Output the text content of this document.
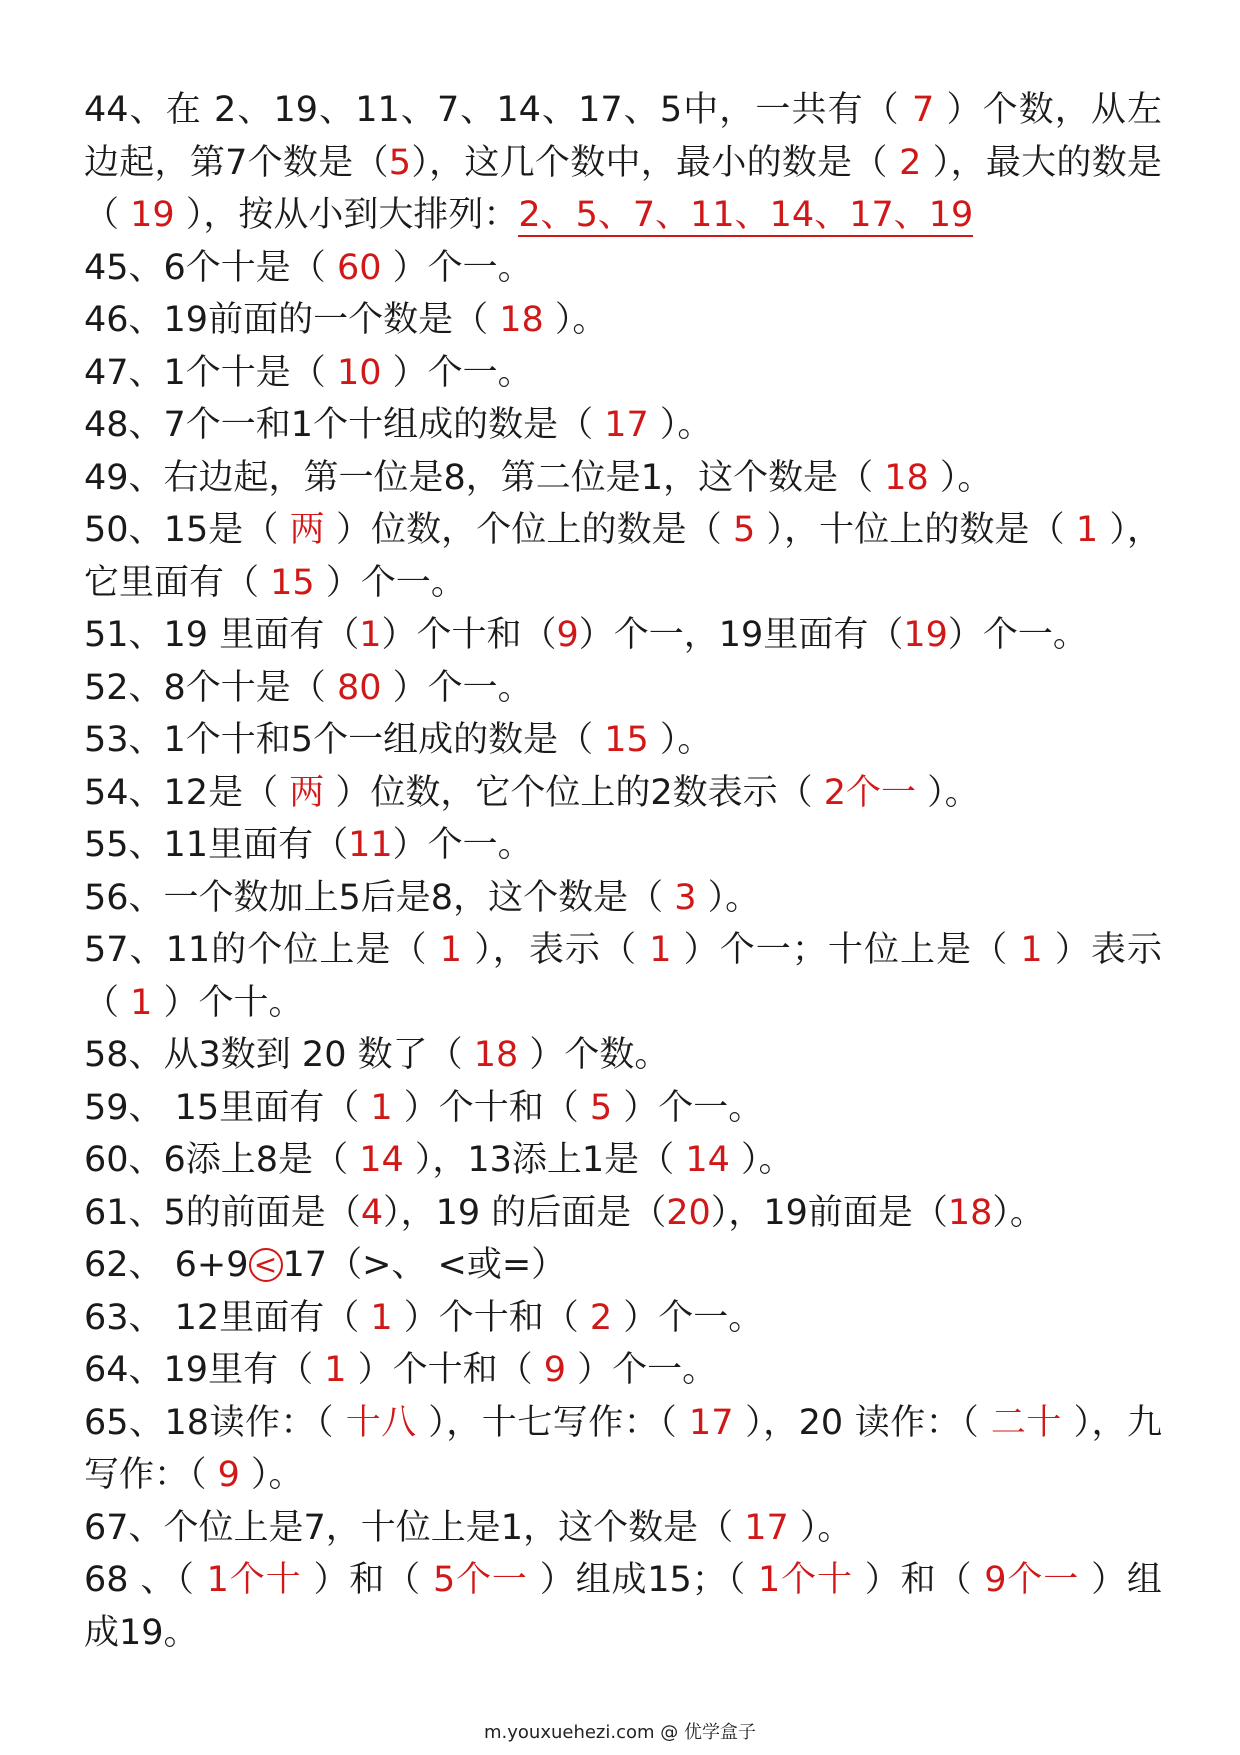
44、在 2、19、11、7、14、17、5中，一共有（ 7 ）个数，从左边起，第7个数是（5），这几个数中，最小的数是（ 2 ），最大的数是（ 19 ），按从小到大排列：2、5、7、11、14、17、19

45、6个十是（ 60 ）个一。

46、19前面的一个数是（ 18 ）。

47、1个十是（ 10 ）个一。

48、7个一和1个十组成的数是（ 17 ）。

49、右边起，第一位是8，第二位是1，这个数是（ 18 ）。

50、15是（ 两 ）位数，个位上的数是（ 5 ），十位上的数是（ 1 ），它里面有（ 15 ）个一。

51、19 里面有（1）个十和（9）个一，19里面有（19）个一。

52、8个十是（ 80 ）个一。

53、1个十和5个一组成的数是（ 15 ）。

54、12是（ 两 ）位数，它个位上的2数表示（ 2个一 ）。

55、11里面有（11）个一。

56、一个数加上5后是8，这个数是（ 3 ）。

57、11的个位上是（ 1 ），表示（ 1 ）个一；十位上是（ 1 ）表示（ 1 ）个十。

58、从3数到 20 数了（ 18 ）个数。

59、 15里面有（ 1 ）个十和（ 5 ）个一。

60、6添上8是（ 14 ），13添上1是（ 14 ）。

61、5的前面是（4），19 的后面是（20），19前面是（18）。

62、 6+9 < 17（>、 <或=）

63、 12里面有（ 1 ）个十和（ 2 ）个一。

64、19里有（ 1 ）个十和（ 9 ）个一。

65、18读作：（ 十八 ），十七写作：（ 17 ），20 读作：（ 二十 ），九写作：（ 9 ）。

67、个位上是7，十位上是1，这个数是（ 17 ）。

68 、（ 1个十 ）和（ 5个一 ）组成15；（ 1个十 ）和（ 9个一 ）组成19。

m.youxuehezi.com @ 优学盒子
